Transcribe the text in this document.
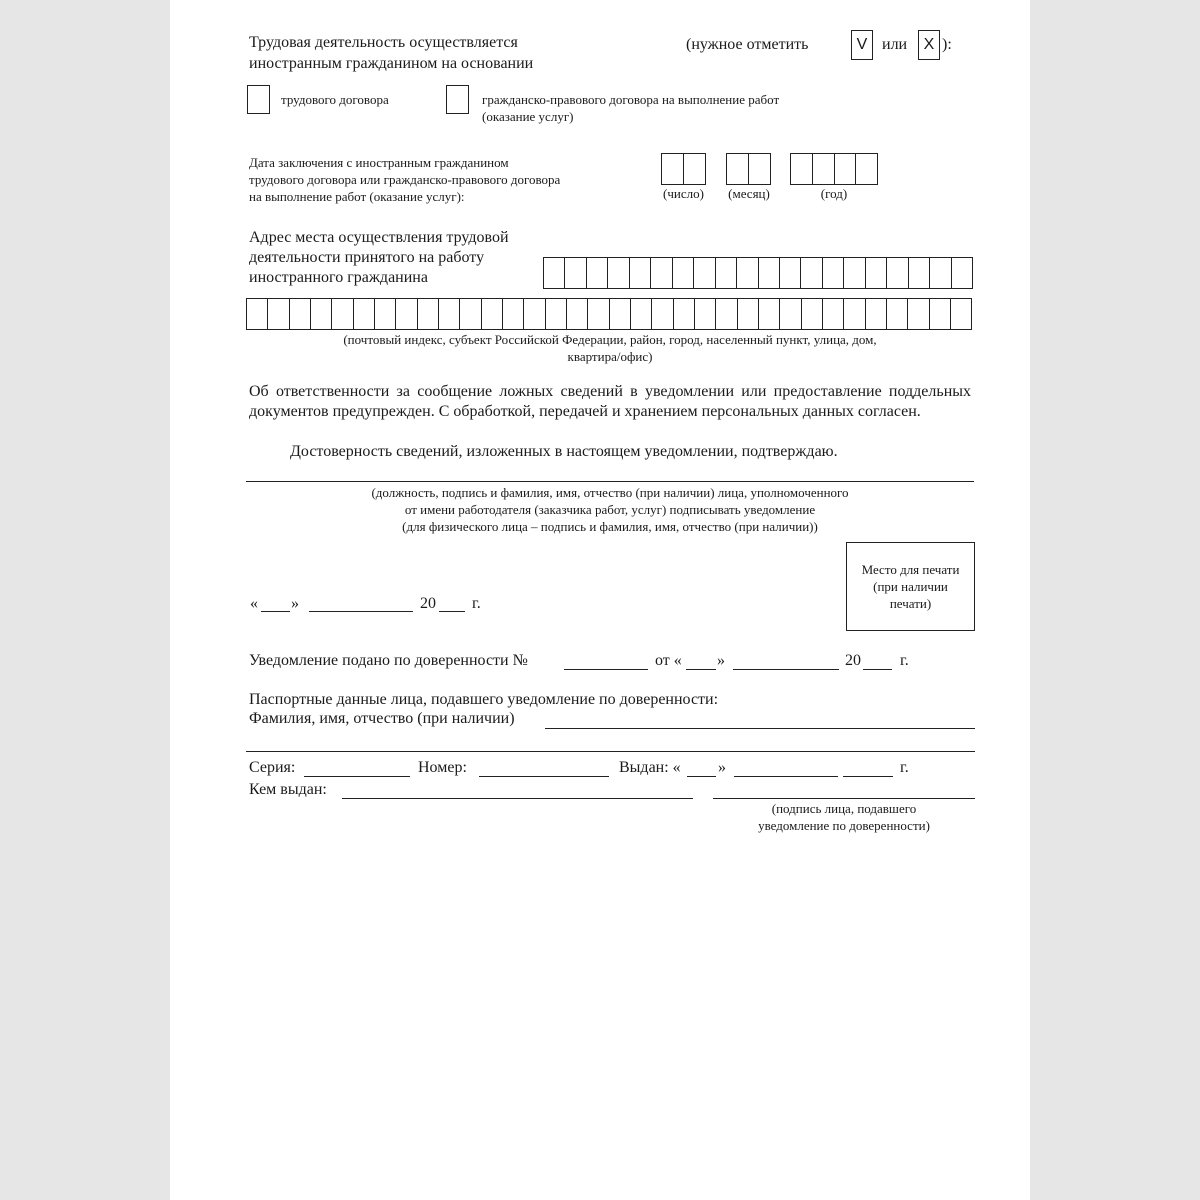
Трудовая деятельность осуществляется
иностранным гражданином на основании
(нужное отметить	V или	X ):
трудового договора	гражданско-правового договора на выполнение работ
(оказание услуг)
Дата заключения с иностранным гражданином
трудового договора или гражданско-правового договора
на выполнение работ (оказание услуг):	(число)	(месяц)	(год)
Адрес места осуществления трудовой
деятельности принятого на работу
иностранного гражданина
(почтовый индекс, субъект Российской Федерации, район, город, населенный пункт, улица, дом,
квартира/офис)
Об ответственности за сообщение ложных сведений в уведомлении или предоставление поддельных документов предупрежден. С обработкой, передачей и хранением персональных данных согласен.
Достоверность сведений, изложенных в настоящем уведомлении, подтверждаю.
(должность, подпись и фамилия, имя, отчество (при наличии) лица, уполномоченного
от имени работодателя (заказчика работ, услуг) подписывать уведомление
(для физического лица – подпись и фамилия, имя, отчество (при наличии))
Место для печати
(при наличии
печати)
« »	20 г.
Уведомление подано по доверенности №	от « »	20 г.
Паспортные данные лица, подавшего уведомление по доверенности:
Фамилия, имя, отчество (при наличии)
Серия:	Номер:	Выдан: « »	г.
Кем выдан:
(подпись лица, подавшего
уведомление по доверенности)
